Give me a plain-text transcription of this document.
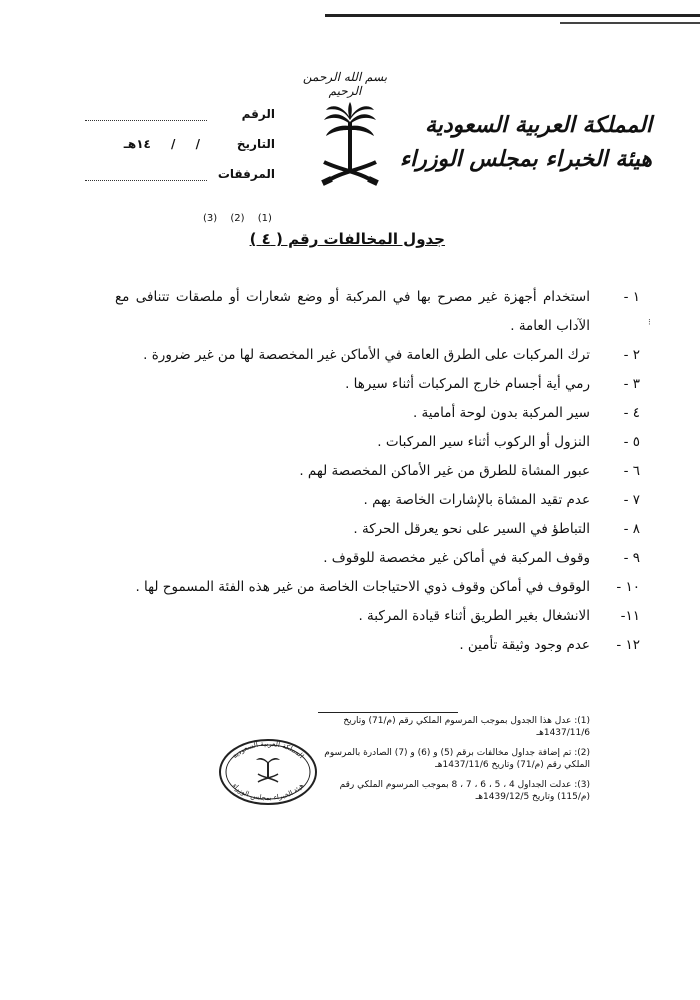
بسم الله الرحمن الرحيم
المملكة العربية السعودية
هيئة الخبراء بمجلس الوزراء
الرقم
التاريخ
/ / ١٤هـ
المرفقات
(3) (2) (1)
جدول المخالفات رقم ( ٤ )
١ -
استخدام أجهزة غير مصرح بها في المركبة أو وضع شعارات أو ملصقات تتنافى مع الآداب العامة .
٢ -
ترك المركبات على الطرق العامة في الأماكن غير المخصصة لها من غير ضرورة .
٣ -
رمي أية أجسام خارج المركبات أثناء سيرها .
٤ -
سير المركبة بدون لوحة أمامية .
٥ -
النزول أو الركوب أثناء سير المركبات .
٦ -
عبور المشاة للطرق من غير الأماكن المخصصة لهم .
٧ -
عدم تقيد المشاة بالإشارات الخاصة بهم .
٨ -
التباطؤ في السير على نحو يعرقل الحركة .
٩ -
وقوف المركبة في أماكن غير مخصصة للوقوف .
١٠ -
الوقوف في أماكن وقوف ذوي الاحتياجات الخاصة من غير هذه الفئة المسموح لها .
١١-
الانشغال بغير الطريق أثناء قيادة المركبة .
١٢ -
عدم وجود وثيقة تأمين .

(1): عدل هذا الجدول بموجب المرسوم الملكي رقم (م/71) وتاريخ 1437/11/6هـ

(2): تم إضافة جداول مخالفات برقم (5) و (6) و (7) الصادرة بالمرسوم الملكي رقم (م/71) وتاريخ 1437/11/6هـ

(3): عدلت الجداول 4 ، 5 ، 6 ، 7 ، 8 بموجب المرسوم الملكي رقم (م/115) وتاريخ 1439/12/5هـ

المملكة العربية السعودية
هيئة الخبراء بمجلس الوزراء
⁝
